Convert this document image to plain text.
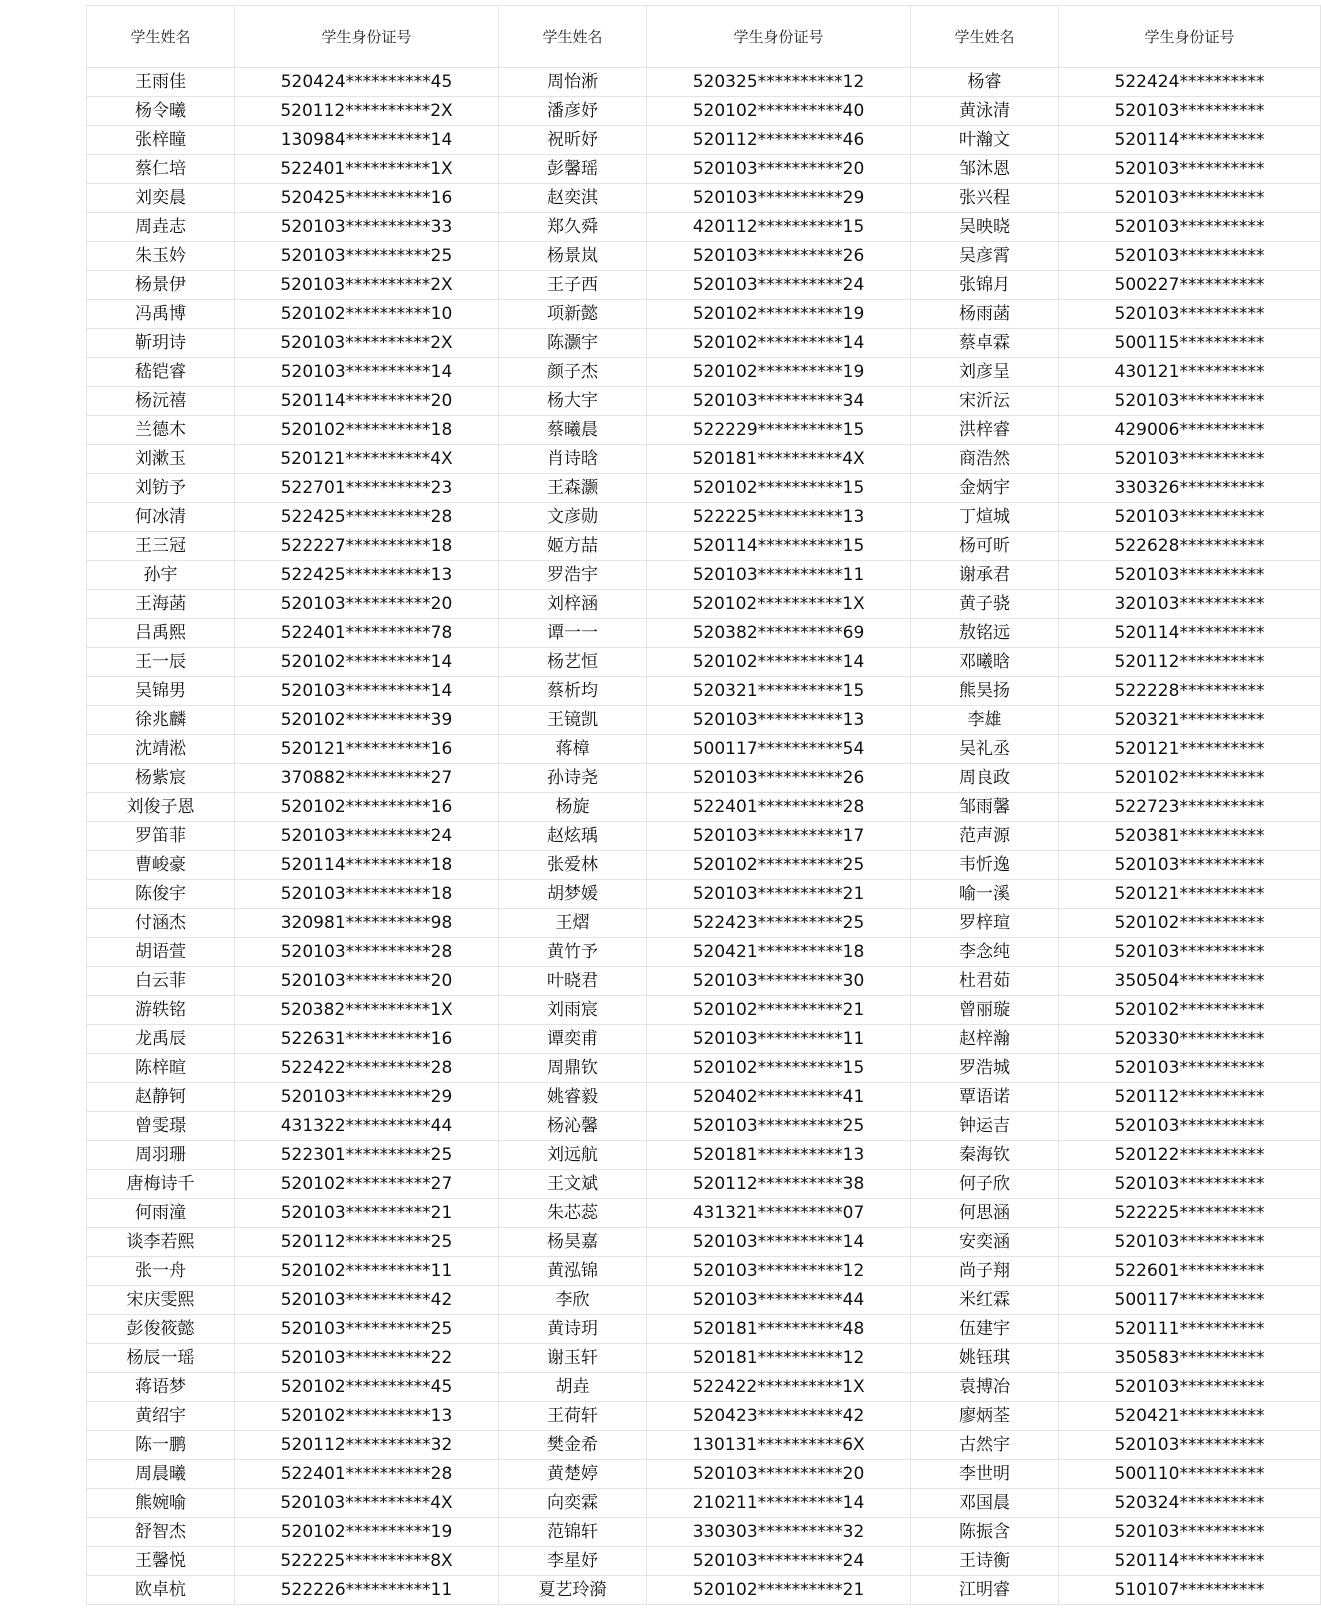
学生姓名	学生身份证号	学生姓名	学生身份证号	学生姓名	学生身份证号
王雨佳	520424**********45	周怡淅	520325**********12	杨睿	522424**********
杨令曦	520112**********2X	潘彦妤	520102**********40	黄泳清	520103**********
张梓瞳	130984**********14	祝昕妤	520112**********46	叶瀚文	520114**********
蔡仁培	522401**********1X	彭馨瑶	520103**********20	邹沐恩	520103**********
刘奕晨	520425**********16	赵奕淇	520103**********29	张兴程	520103**********
周垚志	520103**********33	郑久舜	420112**********15	吴映晓	520103**********
朱玉妗	520103**********25	杨景岚	520103**********26	吴彦霄	520103**********
杨景伊	520103**********2X	王子西	520103**********24	张锦月	500227**********
冯禹博	520102**********10	项新懿	520102**********19	杨雨菡	520103**********
靳玥诗	520103**********2X	陈灏宇	520102**********14	蔡卓霖	500115**********
嵇铠睿	520103**********14	颜子杰	520102**********19	刘彦呈	430121**********
杨沅禧	520114**********20	杨大宇	520103**********34	宋沂沄	520103**********
兰德木	520102**********18	蔡曦晨	522229**********15	洪梓睿	429006**********
刘漱玉	520121**********4X	肖诗晗	520181**********4X	商浩然	520103**********
刘钫予	522701**********23	王森灏	520102**********15	金炳宇	330326**********
何冰清	522425**********28	文彦勋	522225**********13	丁煊城	520103**********
王三冠	522227**********18	姬方喆	520114**********15	杨可昕	522628**********
孙宇	522425**********13	罗浩宇	520103**********11	谢承君	520103**********
王海菡	520103**********20	刘梓涵	520102**********1X	黄子骁	320103**********
吕禹熙	522401**********78	谭一一	520382**********69	敖铭远	520114**********
王一辰	520102**********14	杨艺恒	520102**********14	邓曦晗	520112**********
吴锦男	520103**********14	蔡析均	520321**********15	熊昊扬	522228**********
徐兆麟	520102**********39	王镜凯	520103**********13	李雄	520321**********
沈靖淞	520121**********16	蒋樟	500117**********54	吴礼丞	520121**********
杨紫宸	370882**********27	孙诗尧	520103**********26	周良政	520102**********
刘俊子恩	520102**********16	杨旋	522401**********28	邹雨馨	522723**********
罗笛菲	520103**********24	赵炫瑀	520103**********17	范声源	520381**********
曹峻豪	520114**********18	张爱林	520102**********25	韦忻逸	520103**********
陈俊宇	520103**********18	胡梦媛	520103**********21	喻一溪	520121**********
付涵杰	320981**********98	王熠	522423**********25	罗梓瑄	520102**********
胡语萱	520103**********28	黄竹予	520421**********18	李念纯	520103**********
白云菲	520103**********20	叶晓君	520103**********30	杜君茹	350504**********
游轶铭	520382**********1X	刘雨宸	520102**********21	曾丽璇	520102**********
龙禹辰	522631**********16	谭奕甫	520103**********11	赵梓瀚	520330**********
陈梓暄	522422**********28	周鼎钦	520102**********15	罗浩城	520103**********
赵静钶	520103**********29	姚睿毅	520402**********41	覃语诺	520112**********
曾雯璟	431322**********44	杨沁馨	520103**********25	钟运吉	520103**********
周羽珊	522301**********25	刘远航	520181**********13	秦海钦	520122**********
唐梅诗千	520102**********27	王文斌	520112**********38	何子欣	520103**********
何雨潼	520103**********21	朱芯蕊	431321**********07	何思涵	522225**********
谈李若熙	520112**********25	杨昊嘉	520103**********14	安奕涵	520103**********
张一舟	520102**********11	黄泓锦	520103**********12	尚子翔	522601**********
宋庆雯熙	520103**********42	李欣	520103**********44	米红霖	500117**********
彭俊筱懿	520103**********25	黄诗玥	520181**********48	伍建宇	520111**********
杨辰一瑶	520103**********22	谢玉轩	520181**********12	姚钰琪	350583**********
蒋语梦	520102**********45	胡垚	522422**********1X	袁搏冶	520103**********
黄绍宇	520102**********13	王荷轩	520423**********42	廖炳荃	520421**********
陈一鹏	520112**********32	樊金希	130131**********6X	古然宇	520103**********
周晨曦	522401**********28	黄楚婷	520103**********20	李世明	500110**********
熊婉喻	520103**********4X	向奕霖	210211**********14	邓国晨	520324**********
舒智杰	520102**********19	范锦轩	330303**********32	陈振含	520103**********
王馨悦	522225**********8X	李星妤	520103**********24	王诗衡	520114**********
欧卓杭	522226**********11	夏艺玲漪	520102**********21	江明睿	510107**********
